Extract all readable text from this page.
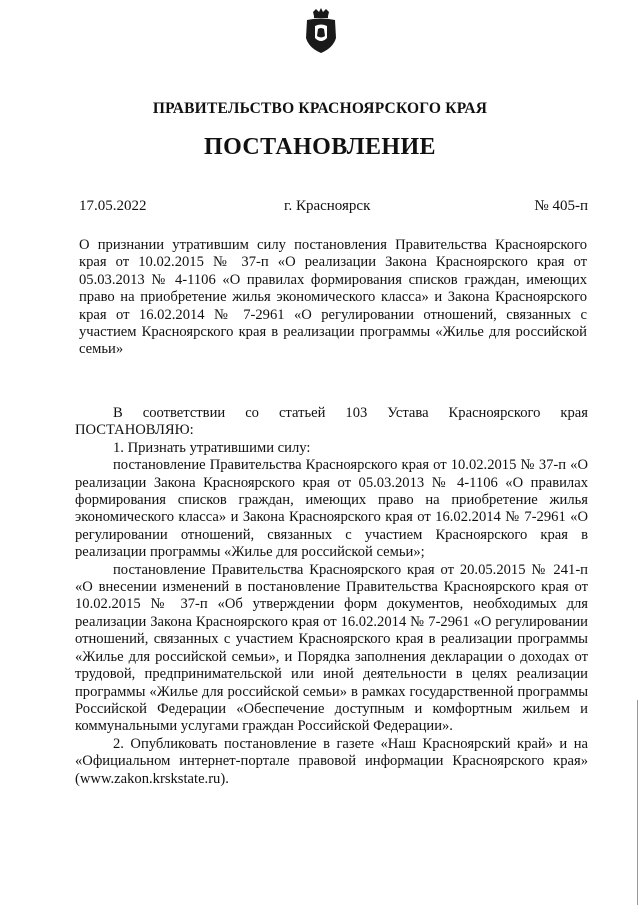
ПРАВИТЕЛЬСТВО КРАСНОЯРСКОГО КРАЯ
ПОСТАНОВЛЕНИЕ
17.05.2022	г. Красноярск	№ 405-п
О признании утратившим силу постановления Правительства Красноярского края от 10.02.2015 № 37-п «О реализации Закона Красноярского края от 05.03.2013 № 4-1106 «О правилах формирования списков граждан, имеющих право на приобретение жилья экономического класса» и Закона Красноярского края от 16.02.2014 № 7-2961 «О регулировании отношений, связанных с участием Красноярского края в реализации программы «Жилье для российской семьи»

В соответствии со статьей 103 Устава Красноярского края ПОСТАНОВЛЯЮ:

1. Признать утратившими силу:

постановление Правительства Красноярского края от 10.02.2015 № 37-п «О реализации Закона Красноярского края от 05.03.2013 № 4-1106 «О правилах формирования списков граждан, имеющих право на приобретение жилья экономического класса» и Закона Красноярского края от 16.02.2014 № 7-2961 «О регулировании отношений, связанных с участием Красноярского края в реализации программы «Жилье для российской семьи»;

постановление Правительства Красноярского края от 20.05.2015 № 241-п «О внесении изменений в постановление Правительства Красноярского края от 10.02.2015 № 37-п «Об утверждении форм документов, необходимых для реализации Закона Красноярского края от 16.02.2014 № 7-2961 «О регулировании отношений, связанных с участием Красноярского края в реализации программы «Жилье для российской семьи», и Порядка заполнения декларации о доходах от трудовой, предпринимательской или иной деятельности в целях реализации программы «Жилье для российской семьи» в рамках государственной программы Российской Федерации «Обеспечение доступным и комфортным жильем и коммунальными услугами граждан Российской Федерации».

2. Опубликовать постановление в газете «Наш Красноярский край» и на «Официальном интернет-портале правовой информации Красноярского края» (www.zakon.krskstate.ru).
